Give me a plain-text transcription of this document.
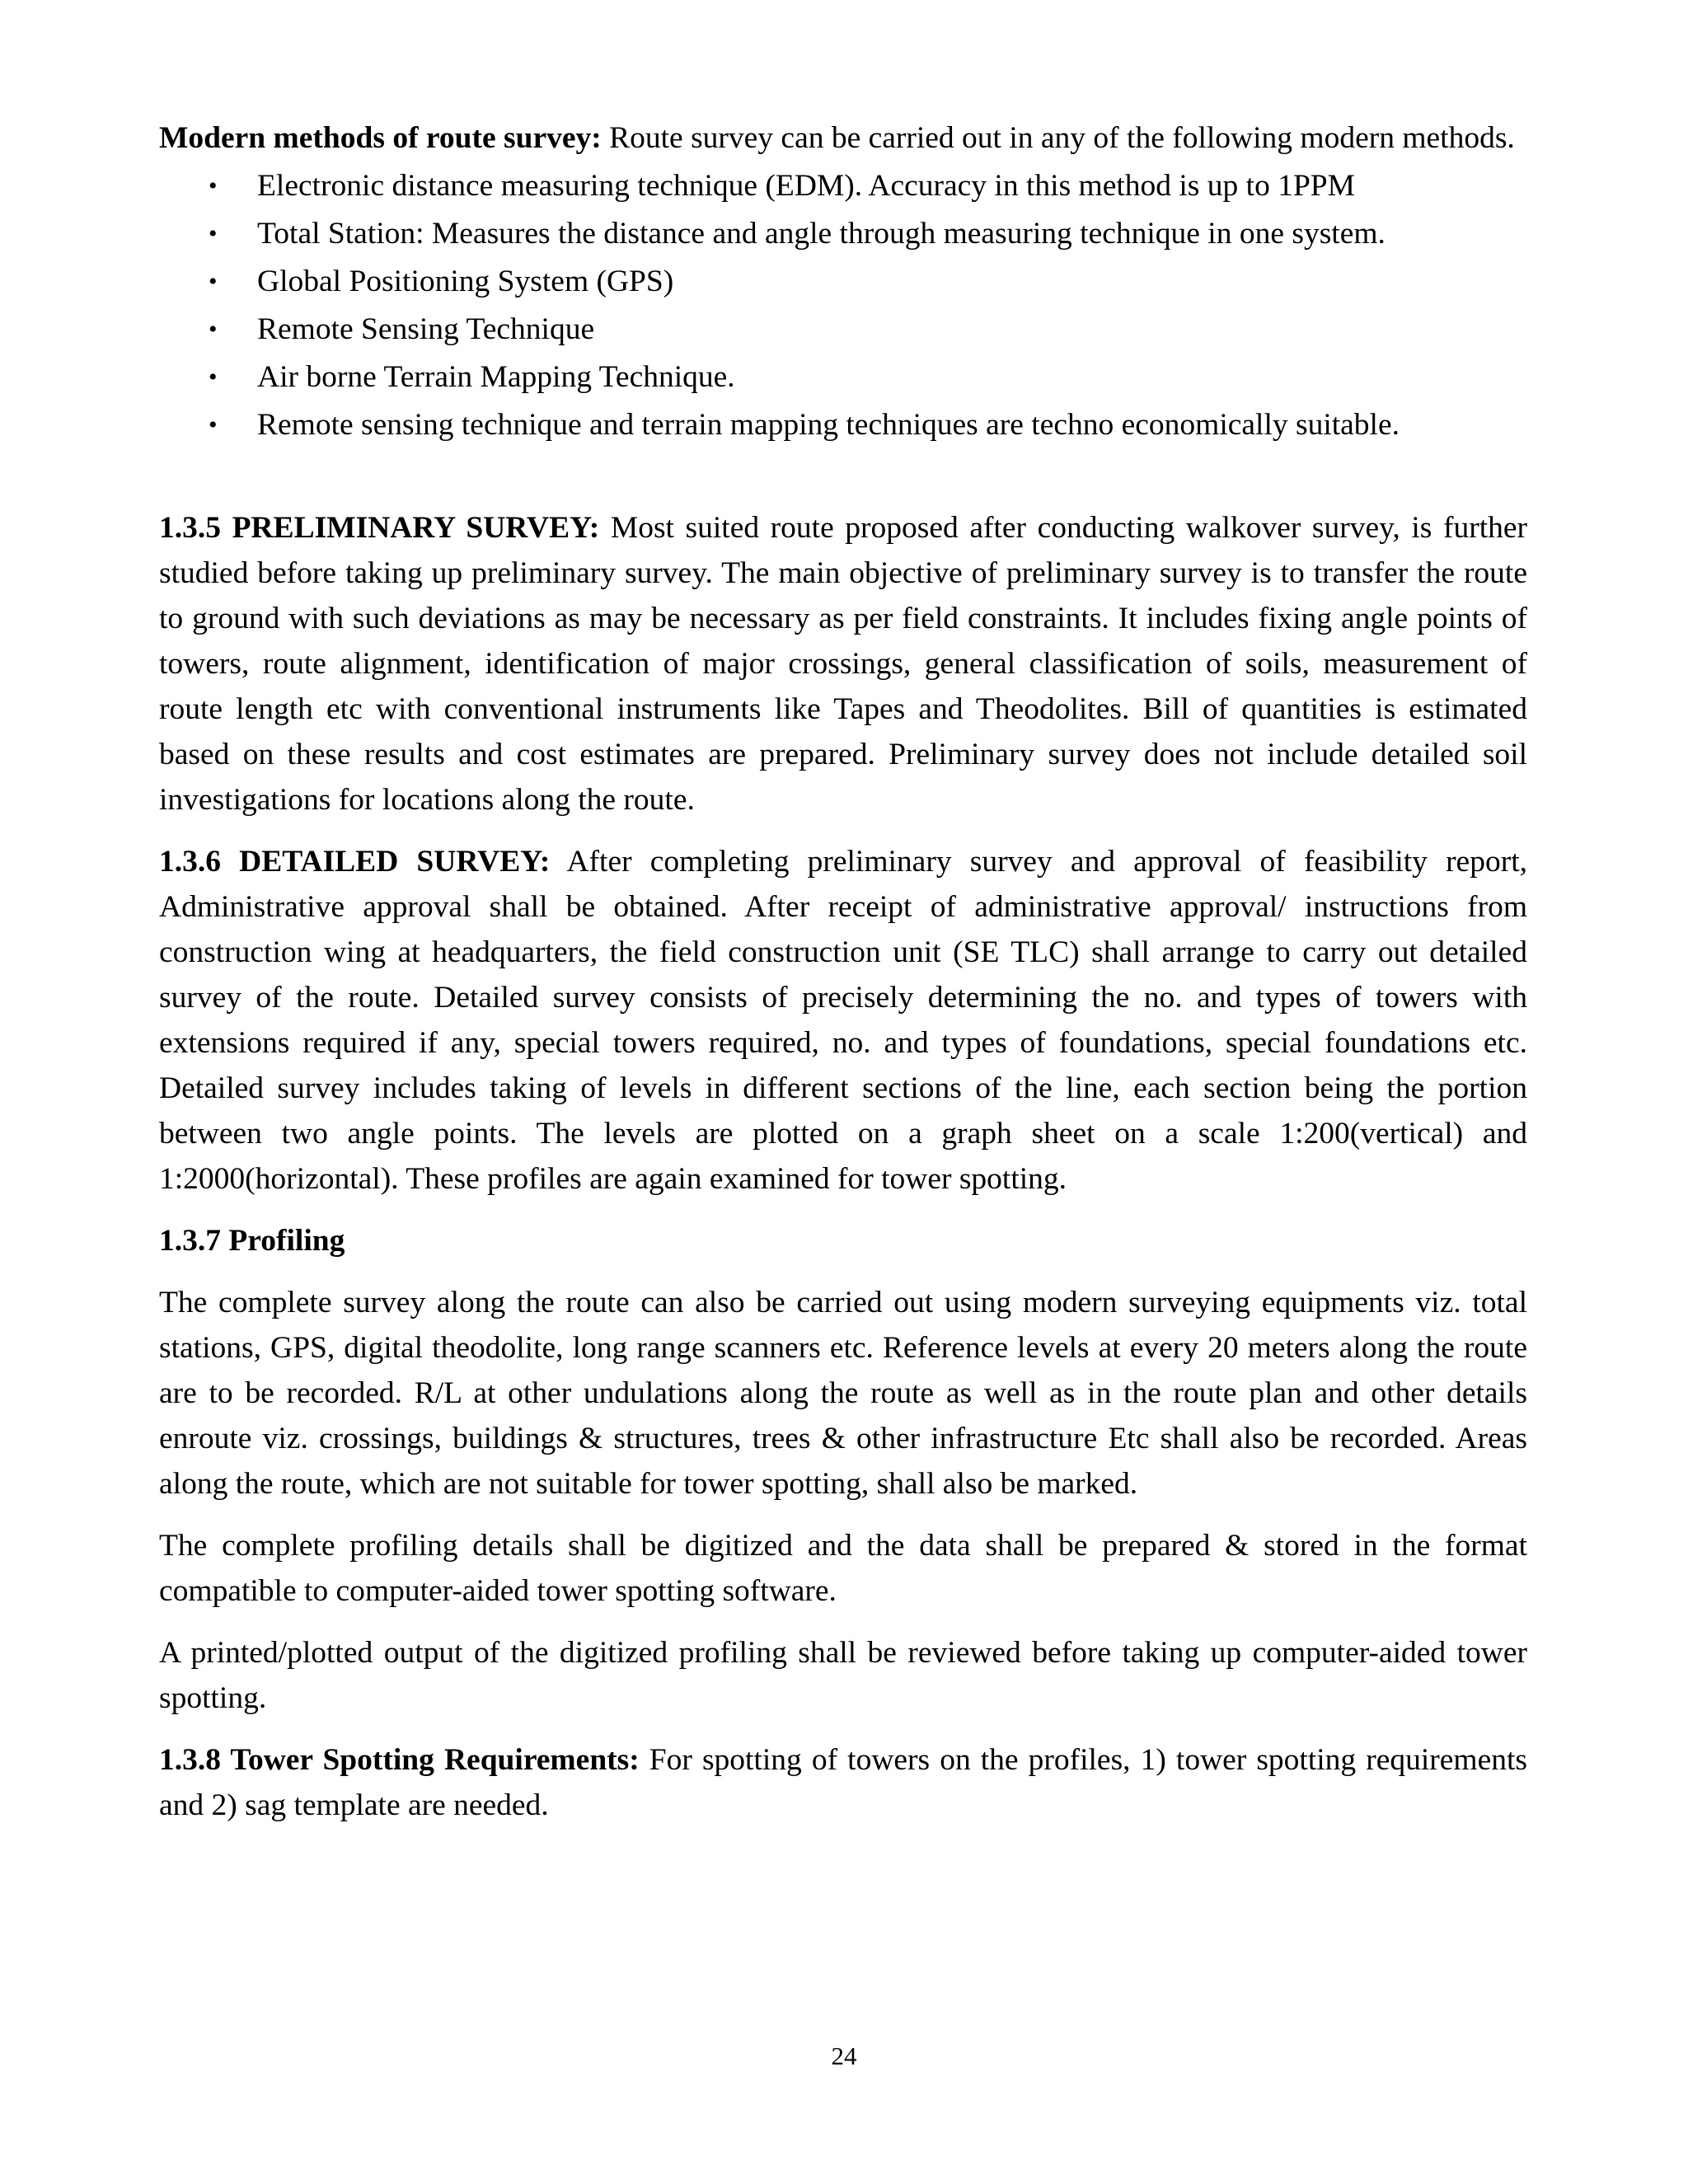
Modern methods of route survey: Route survey can be carried out in any of the following modern methods.

• Electronic distance measuring technique (EDM). Accuracy in this method is up to 1PPM
• Total Station: Measures the distance and angle through measuring technique in one system.
• Global Positioning System (GPS)
• Remote Sensing Technique
• Air borne Terrain Mapping Technique.
• Remote sensing technique and terrain mapping techniques are techno economically suitable.

1.3.5 PRELIMINARY SURVEY: Most suited route proposed after conducting walkover survey, is further studied before taking up preliminary survey. The main objective of preliminary survey is to transfer the route to ground with such deviations as may be necessary as per field constraints. It includes fixing angle points of towers, route alignment, identification of major crossings, general classification of soils, measurement of route length etc with conventional instruments like Tapes and Theodolites. Bill of quantities is estimated based on these results and cost estimates are prepared. Preliminary survey does not include detailed soil investigations for locations along the route.

1.3.6 DETAILED SURVEY: After completing preliminary survey and approval of feasibility report, Administrative approval shall be obtained. After receipt of administrative approval/ instructions from construction wing at headquarters, the field construction unit (SE TLC) shall arrange to carry out detailed survey of the route. Detailed survey consists of precisely determining the no. and types of towers with extensions required if any, special towers required, no. and types of foundations, special foundations etc. Detailed survey includes taking of levels in different sections of the line, each section being the portion between two angle points. The levels are plotted on a graph sheet on a scale 1:200(vertical) and 1:2000(horizontal). These profiles are again examined for tower spotting.

1.3.7 Profiling

The complete survey along the route can also be carried out using modern surveying equipments viz. total stations, GPS, digital theodolite, long range scanners etc. Reference levels at every 20 meters along the route are to be recorded. R/L at other undulations along the route as well as in the route plan and other details enroute viz. crossings, buildings & structures, trees & other infrastructure Etc shall also be recorded. Areas along the route, which are not suitable for tower spotting, shall also be marked.

The complete profiling details shall be digitized and the data shall be prepared & stored in the format compatible to computer-aided tower spotting software.

A printed/plotted output of the digitized profiling shall be reviewed before taking up computer-aided tower spotting.

1.3.8 Tower Spotting Requirements: For spotting of towers on the profiles, 1) tower spotting requirements and 2) sag template are needed.

24
